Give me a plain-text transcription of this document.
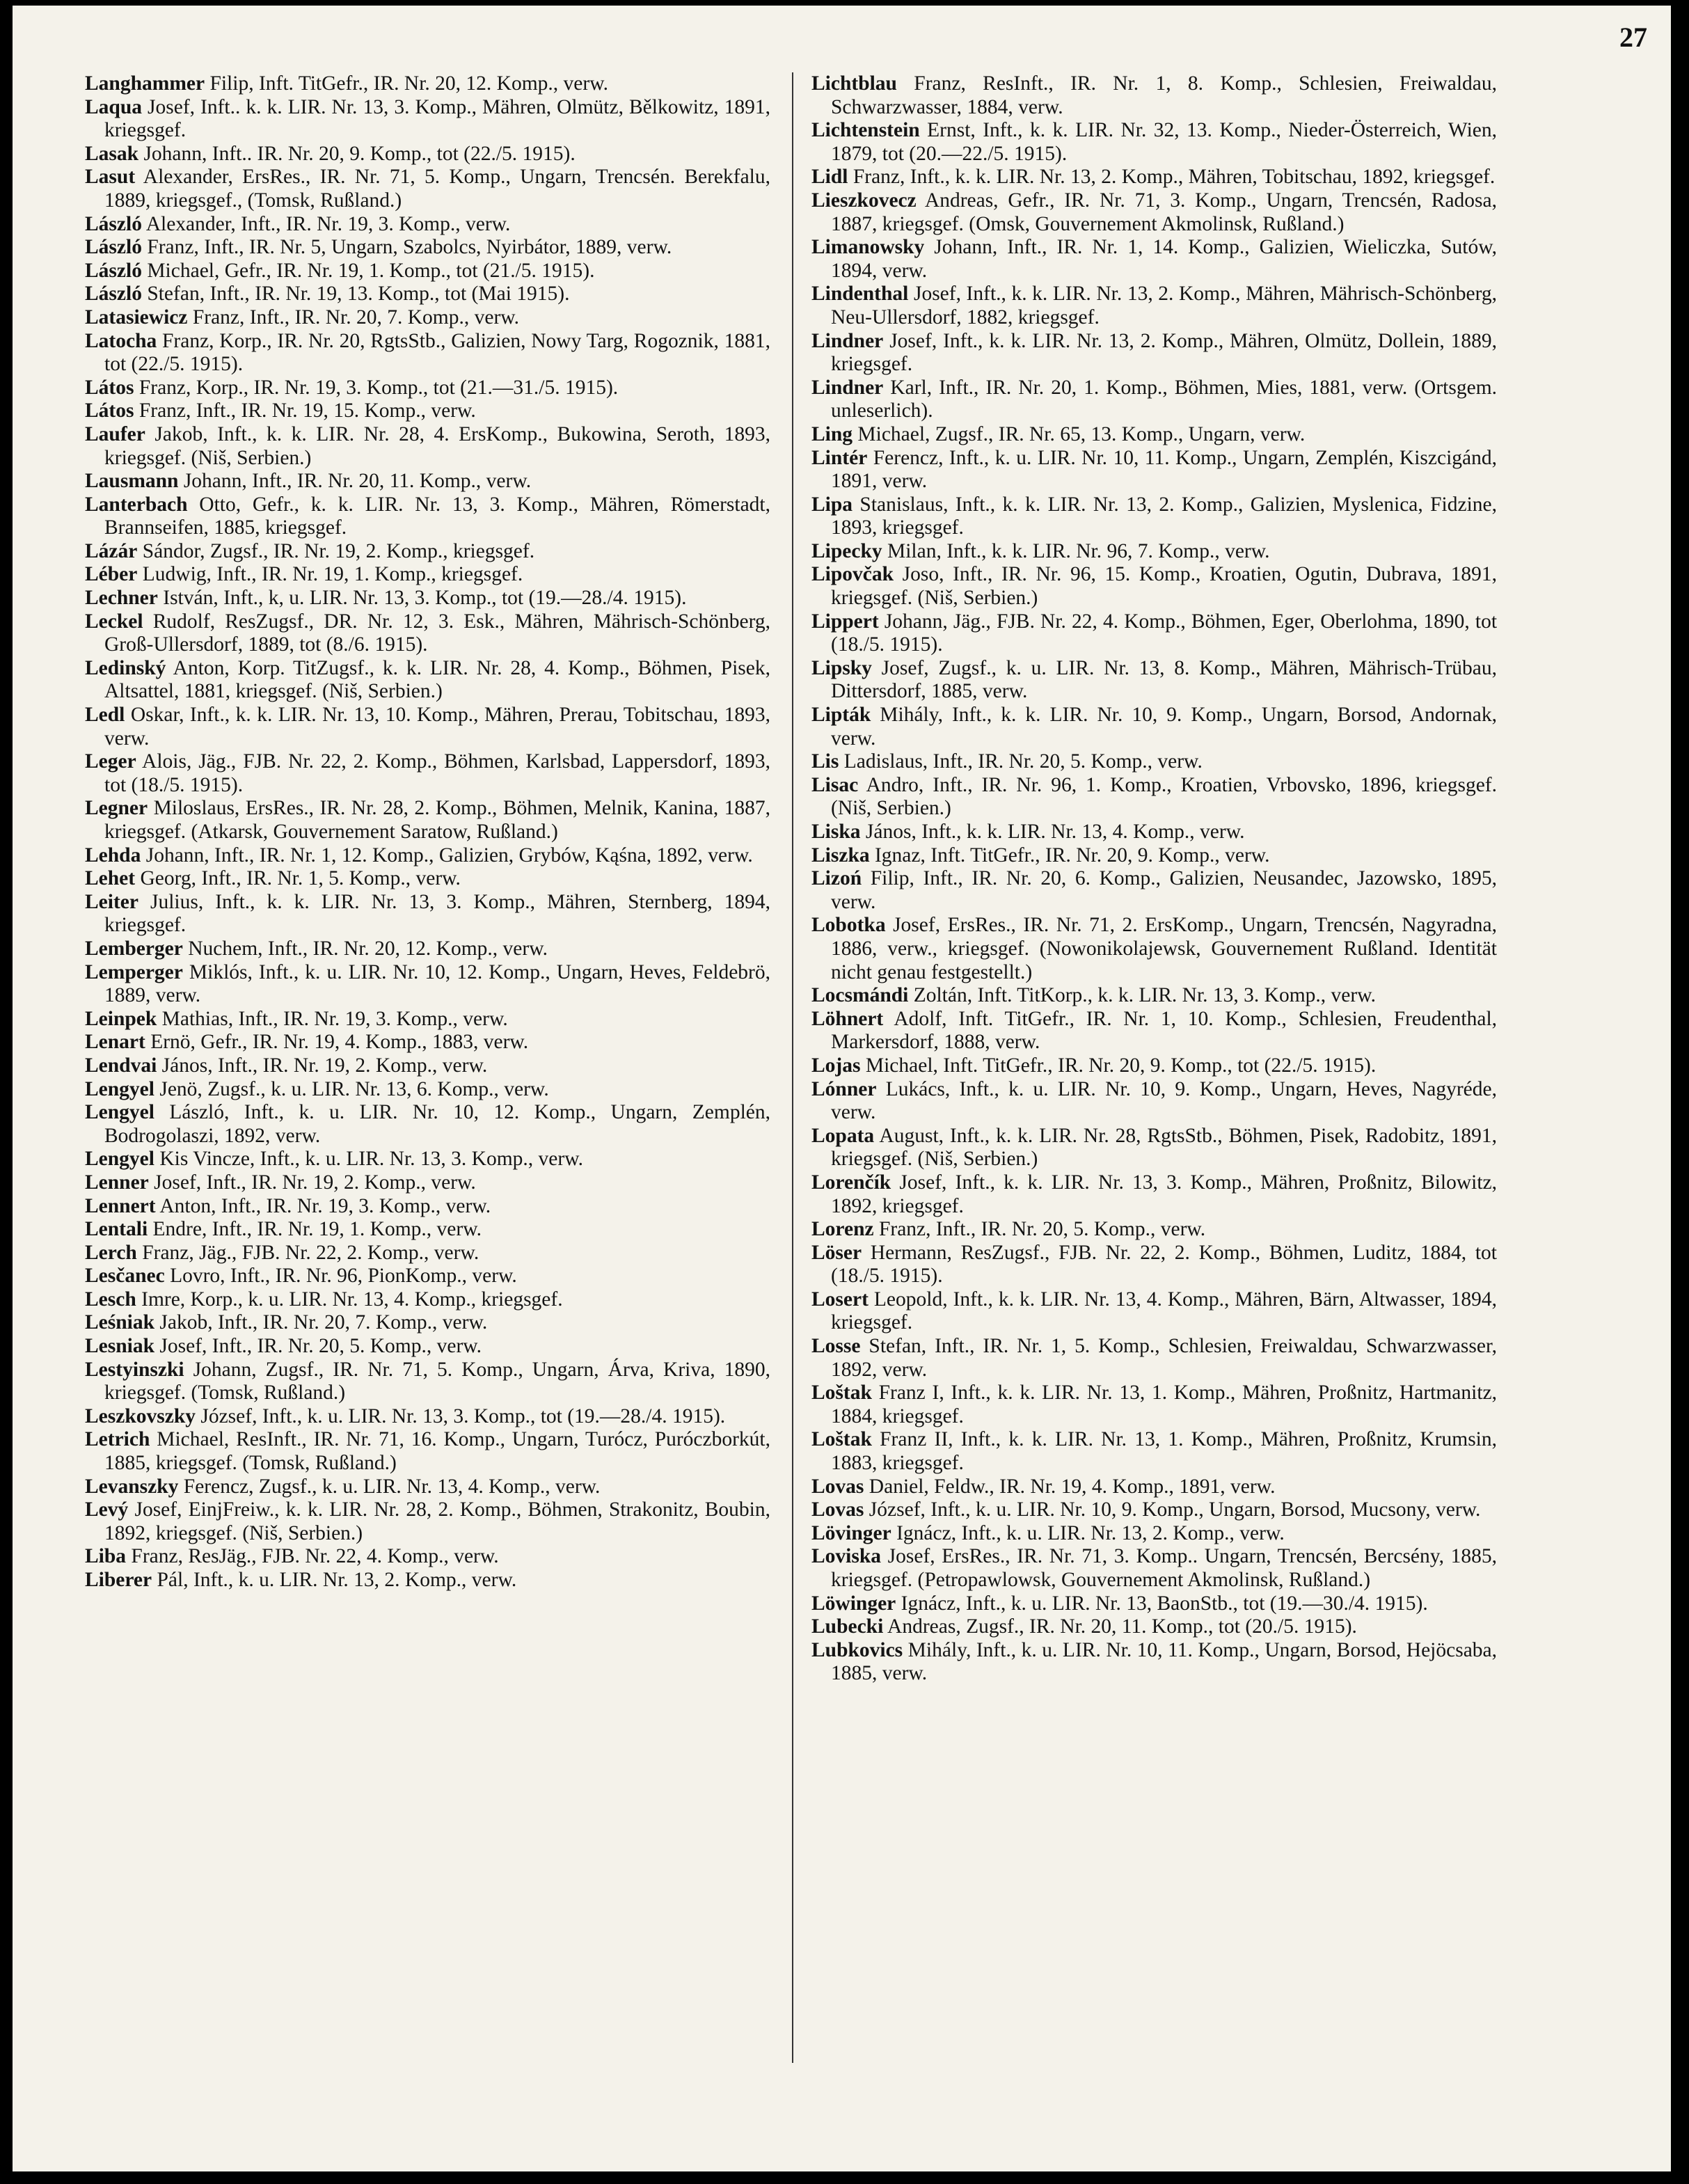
27

Langhammer Filip, Inft. TitGefr., IR. Nr. 20, 12. Komp., verw.

Laqua Josef, Inft.. k. k. LIR. Nr. 13, 3. Komp., Mähren, Olmütz, Bělkowitz, 1891, kriegsgef.

Lasak Johann, Inft.. IR. Nr. 20, 9. Komp., tot (22./5. 1915).

Lasut Alexander, ErsRes., IR. Nr. 71, 5. Komp., Ungarn, Trencsén. Berekfalu, 1889, kriegsgef., (Tomsk, Rußland.)

László Alexander, Inft., IR. Nr. 19, 3. Komp., verw.

László Franz, Inft., IR. Nr. 5, Ungarn, Szabolcs, Nyirbátor, 1889, verw.

László Michael, Gefr., IR. Nr. 19, 1. Komp., tot (21./5. 1915).

László Stefan, Inft., IR. Nr. 19, 13. Komp., tot (Mai 1915).

Latasiewicz Franz, Inft., IR. Nr. 20, 7. Komp., verw.

Latocha Franz, Korp., IR. Nr. 20, RgtsStb., Galizien, Nowy Targ, Rogoznik, 1881, tot (22./5. 1915).

Látos Franz, Korp., IR. Nr. 19, 3. Komp., tot (21.—31./5. 1915).

Látos Franz, Inft., IR. Nr. 19, 15. Komp., verw.

Laufer Jakob, Inft., k. k. LIR. Nr. 28, 4. ErsKomp., Bukowina, Seroth, 1893, kriegsgef. (Niš, Serbien.)

Lausmann Johann, Inft., IR. Nr. 20, 11. Komp., verw.

Lanterbach Otto, Gefr., k. k. LIR. Nr. 13, 3. Komp., Mähren, Römerstadt, Brannseifen, 1885, kriegsgef.

Lázár Sándor, Zugsf., IR. Nr. 19, 2. Komp., kriegsgef.

Léber Ludwig, Inft., IR. Nr. 19, 1. Komp., kriegsgef.

Lechner István, Inft., k, u. LIR. Nr. 13, 3. Komp., tot (19.—28./4. 1915).

Leckel Rudolf, ResZugsf., DR. Nr. 12, 3. Esk., Mähren, Mährisch-Schönberg, Groß-Ullersdorf, 1889, tot (8./6. 1915).

Ledinský Anton, Korp. TitZugsf., k. k. LIR. Nr. 28, 4. Komp., Böhmen, Pisek, Altsattel, 1881, kriegsgef. (Niš, Serbien.)

Ledl Oskar, Inft., k. k. LIR. Nr. 13, 10. Komp., Mähren, Prerau, Tobitschau, 1893, verw.

Leger Alois, Jäg., FJB. Nr. 22, 2. Komp., Böhmen, Karlsbad, Lappersdorf, 1893, tot (18./5. 1915).

Legner Miloslaus, ErsRes., IR. Nr. 28, 2. Komp., Böhmen, Melnik, Kanina, 1887, kriegsgef. (Atkarsk, Gouvernement Saratow, Rußland.)

Lehda Johann, Inft., IR. Nr. 1, 12. Komp., Galizien, Grybów, Kąśna, 1892, verw.

Lehet Georg, Inft., IR. Nr. 1, 5. Komp., verw.

Leiter Julius, Inft., k. k. LIR. Nr. 13, 3. Komp., Mähren, Sternberg, 1894, kriegsgef.

Lemberger Nuchem, Inft., IR. Nr. 20, 12. Komp., verw.

Lemperger Miklós, Inft., k. u. LIR. Nr. 10, 12. Komp., Ungarn, Heves, Feldebrö, 1889, verw.

Leinpek Mathias, Inft., IR. Nr. 19, 3. Komp., verw.

Lenart Ernö, Gefr., IR. Nr. 19, 4. Komp., 1883, verw.

Lendvai János, Inft., IR. Nr. 19, 2. Komp., verw.

Lengyel Jenö, Zugsf., k. u. LIR. Nr. 13, 6. Komp., verw.

Lengyel László, Inft., k. u. LIR. Nr. 10, 12. Komp., Ungarn, Zemplén, Bodrogolaszi, 1892, verw.

Lengyel Kis Vincze, Inft., k. u. LIR. Nr. 13, 3. Komp., verw.

Lenner Josef, Inft., IR. Nr. 19, 2. Komp., verw.

Lennert Anton, Inft., IR. Nr. 19, 3. Komp., verw.

Lentali Endre, Inft., IR. Nr. 19, 1. Komp., verw.

Lerch Franz, Jäg., FJB. Nr. 22, 2. Komp., verw.

Lesčanec Lovro, Inft., IR. Nr. 96, PionKomp., verw.

Lesch Imre, Korp., k. u. LIR. Nr. 13, 4. Komp., kriegsgef.

Leśniak Jakob, Inft., IR. Nr. 20, 7. Komp., verw.

Lesniak Josef, Inft., IR. Nr. 20, 5. Komp., verw.

Lestyinszki Johann, Zugsf., IR. Nr. 71, 5. Komp., Ungarn, Árva, Kriva, 1890, kriegsgef. (Tomsk, Rußland.)

Leszkovszky József, Inft., k. u. LIR. Nr. 13, 3. Komp., tot (19.—28./4. 1915).

Letrich Michael, ResInft., IR. Nr. 71, 16. Komp., Ungarn, Turócz, Puróczborkút, 1885, kriegsgef. (Tomsk, Rußland.)

Levanszky Ferencz, Zugsf., k. u. LIR. Nr. 13, 4. Komp., verw.

Levý Josef, EinjFreiw., k. k. LIR. Nr. 28, 2. Komp., Böhmen, Strakonitz, Boubin, 1892, kriegsgef. (Niš, Serbien.)

Liba Franz, ResJäg., FJB. Nr. 22, 4. Komp., verw.

Liberer Pál, Inft., k. u. LIR. Nr. 13, 2. Komp., verw.

Lichtblau Franz, ResInft., IR. Nr. 1, 8. Komp., Schlesien, Freiwaldau, Schwarzwasser, 1884, verw.

Lichtenstein Ernst, Inft., k. k. LIR. Nr. 32, 13. Komp., Nieder-Österreich, Wien, 1879, tot (20.—22./5. 1915).

Lidl Franz, Inft., k. k. LIR. Nr. 13, 2. Komp., Mähren, Tobitschau, 1892, kriegsgef.

Lieszkovecz Andreas, Gefr., IR. Nr. 71, 3. Komp., Ungarn, Trencsén, Radosa, 1887, kriegsgef. (Omsk, Gouvernement Akmolinsk, Rußland.)

Limanowsky Johann, Inft., IR. Nr. 1, 14. Komp., Galizien, Wieliczka, Sutów, 1894, verw.

Lindenthal Josef, Inft., k. k. LIR. Nr. 13, 2. Komp., Mähren, Mährisch-Schönberg, Neu-Ullersdorf, 1882, kriegsgef.

Lindner Josef, Inft., k. k. LIR. Nr. 13, 2. Komp., Mähren, Olmütz, Dollein, 1889, kriegsgef.

Lindner Karl, Inft., IR. Nr. 20, 1. Komp., Böhmen, Mies, 1881, verw. (Ortsgem. unleserlich).

Ling Michael, Zugsf., IR. Nr. 65, 13. Komp., Ungarn, verw.

Lintér Ferencz, Inft., k. u. LIR. Nr. 10, 11. Komp., Ungarn, Zemplén, Kiszcigánd, 1891, verw.

Lipa Stanislaus, Inft., k. k. LIR. Nr. 13, 2. Komp., Galizien, Myslenica, Fidzine, 1893, kriegsgef.

Lipecky Milan, Inft., k. k. LIR. Nr. 96, 7. Komp., verw.

Lipovčak Joso, Inft., IR. Nr. 96, 15. Komp., Kroatien, Ogutin, Dubrava, 1891, kriegsgef. (Niš, Serbien.)

Lippert Johann, Jäg., FJB. Nr. 22, 4. Komp., Böhmen, Eger, Oberlohma, 1890, tot (18./5. 1915).

Lipsky Josef, Zugsf., k. u. LIR. Nr. 13, 8. Komp., Mähren, Mährisch-Trübau, Dittersdorf, 1885, verw.

Lipták Mihály, Inft., k. k. LIR. Nr. 10, 9. Komp., Ungarn, Borsod, Andornak, verw.

Lis Ladislaus, Inft., IR. Nr. 20, 5. Komp., verw.

Lisac Andro, Inft., IR. Nr. 96, 1. Komp., Kroatien, Vrbovsko, 1896, kriegsgef. (Niš, Serbien.)

Liska János, Inft., k. k. LIR. Nr. 13, 4. Komp., verw.

Liszka Ignaz, Inft. TitGefr., IR. Nr. 20, 9. Komp., verw.

Lizoń Filip, Inft., IR. Nr. 20, 6. Komp., Galizien, Neusandec, Jazowsko, 1895, verw.

Lobotka Josef, ErsRes., IR. Nr. 71, 2. ErsKomp., Ungarn, Trencsén, Nagyradna, 1886, verw., kriegsgef. (Nowonikolajewsk, Gouvernement Rußland. Identität nicht genau festgestellt.)

Locsmándi Zoltán, Inft. TitKorp., k. k. LIR. Nr. 13, 3. Komp., verw.

Löhnert Adolf, Inft. TitGefr., IR. Nr. 1, 10. Komp., Schlesien, Freudenthal, Markersdorf, 1888, verw.

Lojas Michael, Inft. TitGefr., IR. Nr. 20, 9. Komp., tot (22./5. 1915).

Lónner Lukács, Inft., k. u. LIR. Nr. 10, 9. Komp., Ungarn, Heves, Nagyréde, verw.

Lopata August, Inft., k. k. LIR. Nr. 28, RgtsStb., Böhmen, Pisek, Radobitz, 1891, kriegsgef. (Niš, Serbien.)

Lorenčík Josef, Inft., k. k. LIR. Nr. 13, 3. Komp., Mähren, Proßnitz, Bilowitz, 1892, kriegsgef.

Lorenz Franz, Inft., IR. Nr. 20, 5. Komp., verw.

Löser Hermann, ResZugsf., FJB. Nr. 22, 2. Komp., Böhmen, Luditz, 1884, tot (18./5. 1915).

Losert Leopold, Inft., k. k. LIR. Nr. 13, 4. Komp., Mähren, Bärn, Altwasser, 1894, kriegsgef.

Losse Stefan, Inft., IR. Nr. 1, 5. Komp., Schlesien, Freiwaldau, Schwarzwasser, 1892, verw.

Loštak Franz I, Inft., k. k. LIR. Nr. 13, 1. Komp., Mähren, Proßnitz, Hartmanitz, 1884, kriegsgef.

Loštak Franz II, Inft., k. k. LIR. Nr. 13, 1. Komp., Mähren, Proßnitz, Krumsin, 1883, kriegsgef.

Lovas Daniel, Feldw., IR. Nr. 19, 4. Komp., 1891, verw.

Lovas József, Inft., k. u. LIR. Nr. 10, 9. Komp., Ungarn, Borsod, Mucsony, verw.

Lövinger Ignácz, Inft., k. u. LIR. Nr. 13, 2. Komp., verw.

Loviska Josef, ErsRes., IR. Nr. 71, 3. Komp.. Ungarn, Trencsén, Bercsény, 1885, kriegsgef. (Petropawlowsk, Gouvernement Akmolinsk, Rußland.)

Löwinger Ignácz, Inft., k. u. LIR. Nr. 13, BaonStb., tot (19.—30./4. 1915).

Lubecki Andreas, Zugsf., IR. Nr. 20, 11. Komp., tot (20./5. 1915).

Lubkovics Mihály, Inft., k. u. LIR. Nr. 10, 11. Komp., Ungarn, Borsod, Hejöcsaba, 1885, verw.
